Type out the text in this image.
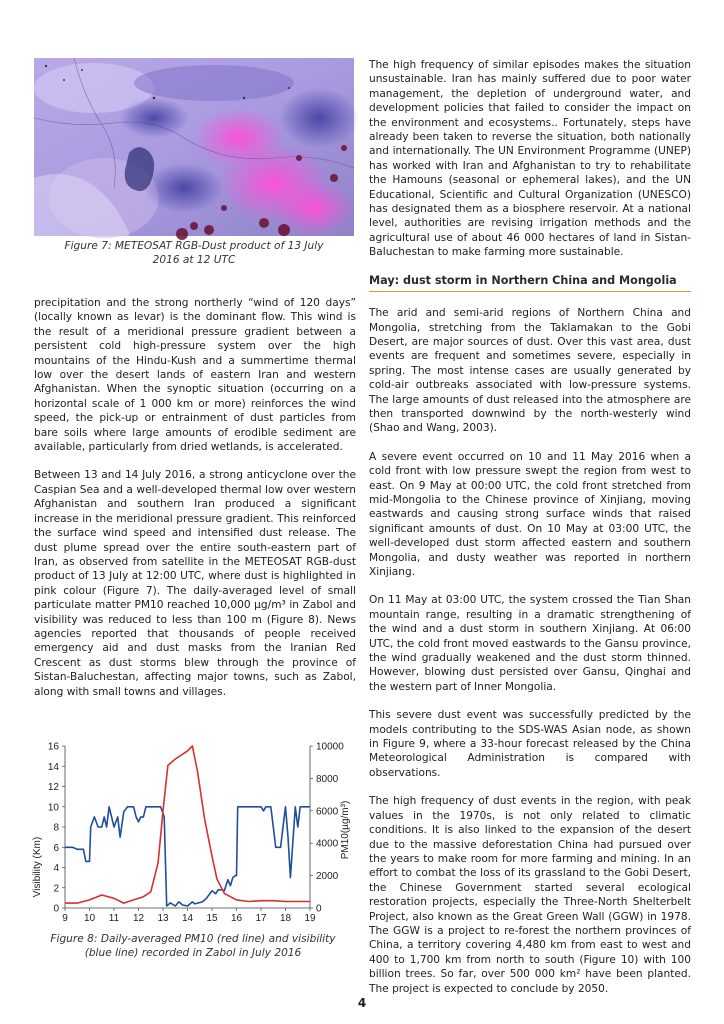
Figure 7: METEOSAT RGB-Dust product of 13 July 2016 at 12 UTC

precipitation and the strong northerly “wind of 120 days” (locally known as levar) is the dominant flow. This wind is the result of a meridional pressure gradient between a persistent cold high-pressure system over the high mountains of the Hindu-Kush and a summertime thermal low over the desert lands of eastern Iran and western Afghanistan. When the synoptic situation (occurring on a horizontal scale of 1 000 km or more) reinforces the wind speed, the pick-up or entrainment of dust particles from bare soils where large amounts of erodible sediment are available, particularly from dried wetlands, is accelerated.

Between 13 and 14 July 2016, a strong anticyclone over the Caspian Sea and a well-developed thermal low over western Afghanistan and southern Iran produced a significant increase in the meridional pressure gradient. This reinforced the surface wind speed and intensified dust release. The dust plume spread over the entire south-eastern part of Iran, as observed from satellite in the METEOSAT RGB-dust product of 13 July at 12:00 UTC, where dust is highlighted in pink colour (Figure 7). The daily-averaged level of small particulate matter PM10 reached 10,000 µg/m³ in Zabol and visibility was reduced to less than 100 m (Figure 8). News agencies reported that thousands of people received emergency aid and dust masks from the Iranian Red Crescent as dust storms blew through the province of Sistan-Baluchestan, affecting major towns, such as Zabol, along with small towns and villages.

9 10 11 12 13 14 15 16 17 18 19
0
2
4
6
8
10
12
14
16
0
2000
4000
6000
8000
10000
Visibility (Km)
PM10(µg/m³)
Figure 8: Daily-averaged PM10 (red line) and visibility (blue line) recorded in Zabol in July 2016

The high frequency of similar episodes makes the situation unsustainable. Iran has mainly suffered due to poor water management, the depletion of underground water, and development policies that failed to consider the impact on the environment and ecosystems.. Fortunately, steps have already been taken to reverse the situation, both nationally and internationally. The UN Environment Programme (UNEP) has worked with Iran and Afghanistan to try to rehabilitate the Hamouns (seasonal or ephemeral lakes), and the UN Educational, Scientific and Cultural Organization (UNESCO) has designated them as a biosphere reservoir. At a national level, authorities are revising irrigation methods and the agricultural use of about 46 000 hectares of land in Sistan-Baluchestan to make farming more sustainable.

May: dust storm in Northern China and Mongolia

The arid and semi-arid regions of Northern China and Mongolia, stretching from the Taklamakan to the Gobi Desert, are major sources of dust. Over this vast area, dust events are frequent and sometimes severe, especially in spring. The most intense cases are usually generated by cold-air outbreaks associated with low-pressure systems. The large amounts of dust released into the atmosphere are then transported downwind by the north-westerly wind (Shao and Wang, 2003).

A severe event occurred on 10 and 11 May 2016 when a cold front with low pressure swept the region from west to east. On 9 May at 00:00 UTC, the cold front stretched from mid-Mongolia to the Chinese province of Xinjiang, moving eastwards and causing strong surface winds that raised significant amounts of dust. On 10 May at 03:00 UTC, the well-developed dust storm affected eastern and southern Mongolia, and dusty weather was reported in northern Xinjiang.

On 11 May at 03:00 UTC, the system crossed the Tian Shan mountain range, resulting in a dramatic strengthening of the wind and a dust storm in southern Xinjiang. At 06:00 UTC, the cold front moved eastwards to the Gansu province, the wind gradually weakened and the dust storm thinned. However, blowing dust persisted over Gansu, Qinghai and the western part of Inner Mongolia.

This severe dust event was successfully predicted by the models contributing to the SDS-WAS Asian node, as shown in Figure 9, where a 33-hour forecast released by the China Meteorological Administration is compared with observations.

The high frequency of dust events in the region, with peak values in the 1970s, is not only related to climatic conditions. It is also linked to the expansion of the desert due to the massive deforestation China had pursued over the years to make room for more farming and mining. In an effort to combat the loss of its grassland to the Gobi Desert, the Chinese Government started several ecological restoration projects, especially the Three-North Shelterbelt Project, also known as the Great Green Wall (GGW) in 1978. The GGW is a project to re-forest the northern provinces of China, a territory covering 4,480 km from east to west and 400 to 1,700 km from north to south (Figure 10) with 100 billion trees. So far, over 500 000 km² have been planted. The project is expected to conclude by 2050.

4
